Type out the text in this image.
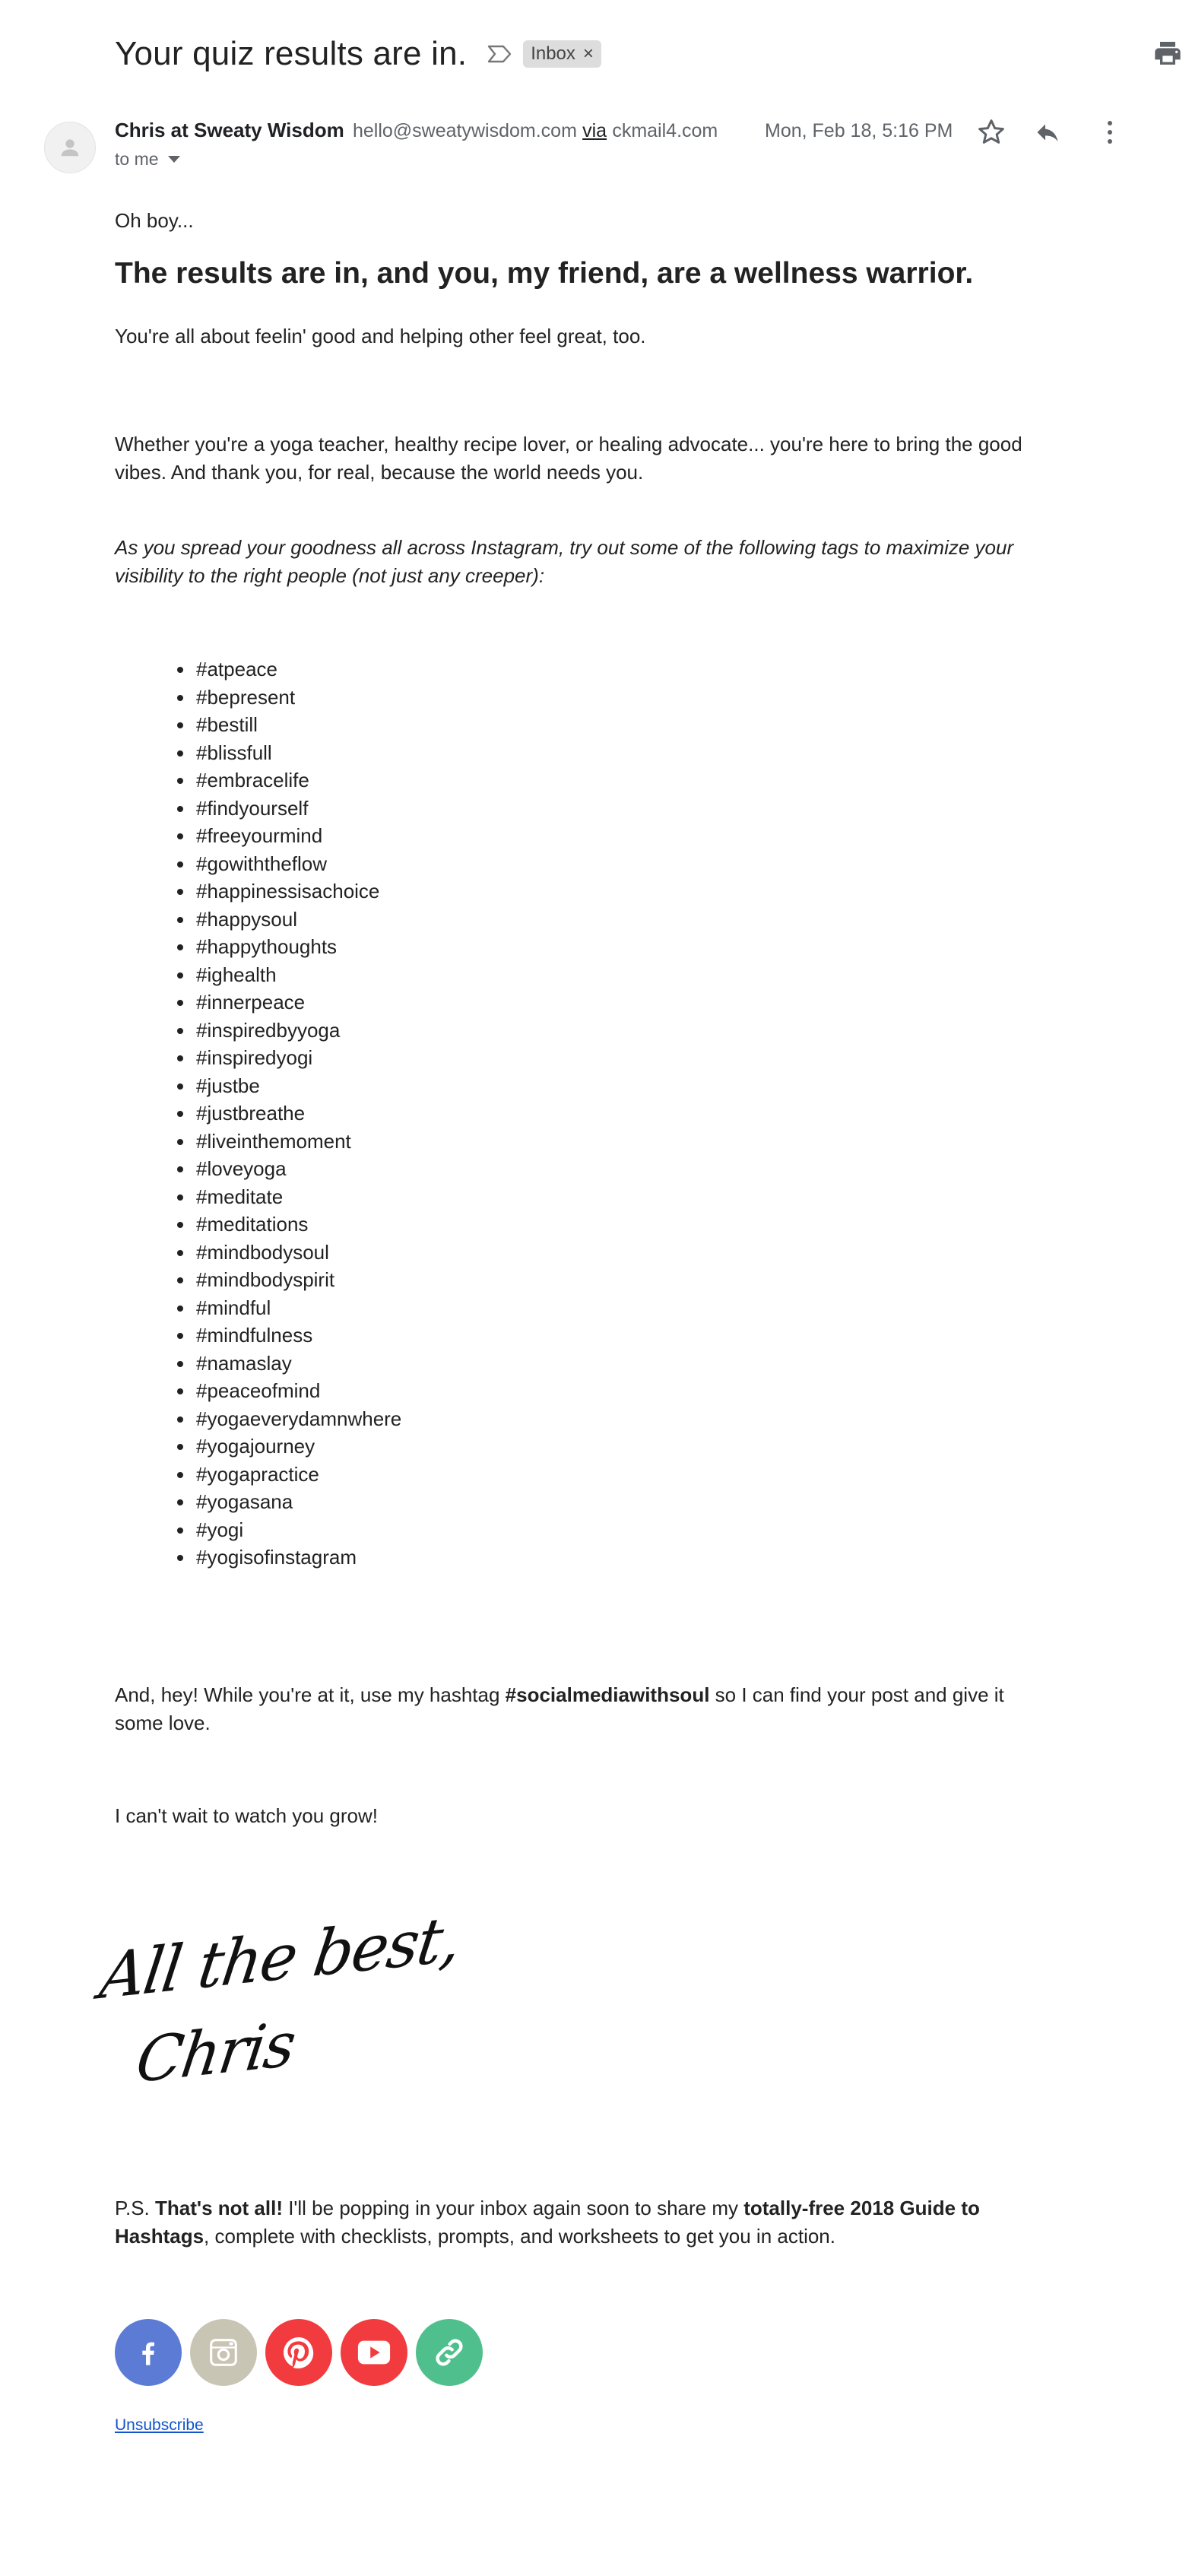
Your quiz results are in.	Inbox ×
Chris at Sweaty Wisdom hello@sweatywisdom.com via ckmail4.com
to me
Mon, Feb 18, 5:16 PM

Oh boy...

The results are in, and you, my friend, are a wellness warrior.

You're all about feelin' good and helping other feel great, too.

Whether you're a yoga teacher, healthy recipe lover, or healing advocate... you're here to bring the good vibes. And thank you, for real, because the world needs you.

As you spread your goodness all across Instagram, try out some of the following tags to maximize your visibility to the right people (not just any creeper):

• #atpeace
• #bepresent
• #bestill
• #blissfull
• #embracelife
• #findyourself
• #freeyourmind
• #gowiththeflow
• #happinessisachoice
• #happysoul
• #happythoughts
• #ighealth
• #innerpeace
• #inspiredbyyoga
• #inspiredyogi
• #justbe
• #justbreathe
• #liveinthemoment
• #loveyoga
• #meditate
• #meditations
• #mindbodysoul
• #mindbodyspirit
• #mindful
• #mindfulness
• #namaslay
• #peaceofmind
• #yogaeverydamnwhere
• #yogajourney
• #yogapractice
• #yogasana
• #yogi
• #yogisofinstagram

And, hey! While you're at it, use my hashtag #socialmediawithsoul so I can find your post and give it some love.

I can't wait to watch you grow!

P.S. That's not all! I'll be popping in your inbox again soon to share my totally-free 2018 Guide to Hashtags, complete with checklists, prompts, and worksheets to get you in action.

All the best,
Chris
Unsubscribe
